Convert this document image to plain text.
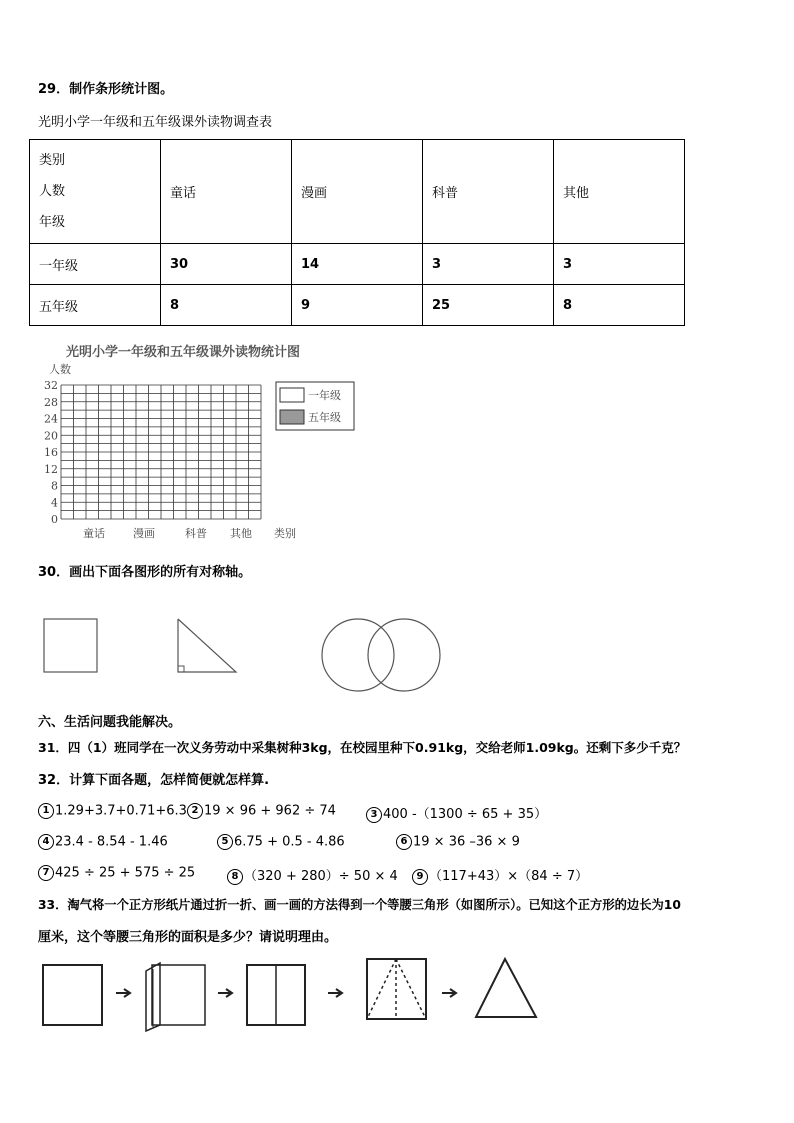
29．制作条形统计图。
光明小学一年级和五年级课外读物调查表
类别
人数
年级	童话	漫画	科普	其他
一年级	30	14	3	3
五年级	8	9	25	8
光明小学一年级和五年级课外读物统计图
人数
32
28
24
20
16
12
8
4
0
童话	漫画	科普 其他 类别
一年级
五年级
30．画出下面各图形的所有对称轴。
六、生活问题我能解决。
31．四（1）班同学在一次义务劳动中采集树种3kg，在校园里种下0.91kg，交给老师1.09kg。还剩下多少千克？
32．计算下面各题，怎样简便就怎样算.
1 1.29+3.7+0.71+6.3 2 19 × 96 + 962 ÷ 74	3 400 -（1300 ÷ 65 + 35）
4 23.4 - 8.54 - 1.46	5 6.75 + 0.5 - 4.86	6 19 × 36 –36 × 9
7 425 ÷ 25 + 575 ÷ 25	8 （320 + 280）÷ 50 × 4	9 （117+43）×（84 ÷ 7）
33．淘气将一个正方形纸片通过折一折、画一画的方法得到一个等腰三角形（如图所示）。已知这个正方形的边长为10
厘米，这个等腰三角形的面积是多少？请说明理由。
